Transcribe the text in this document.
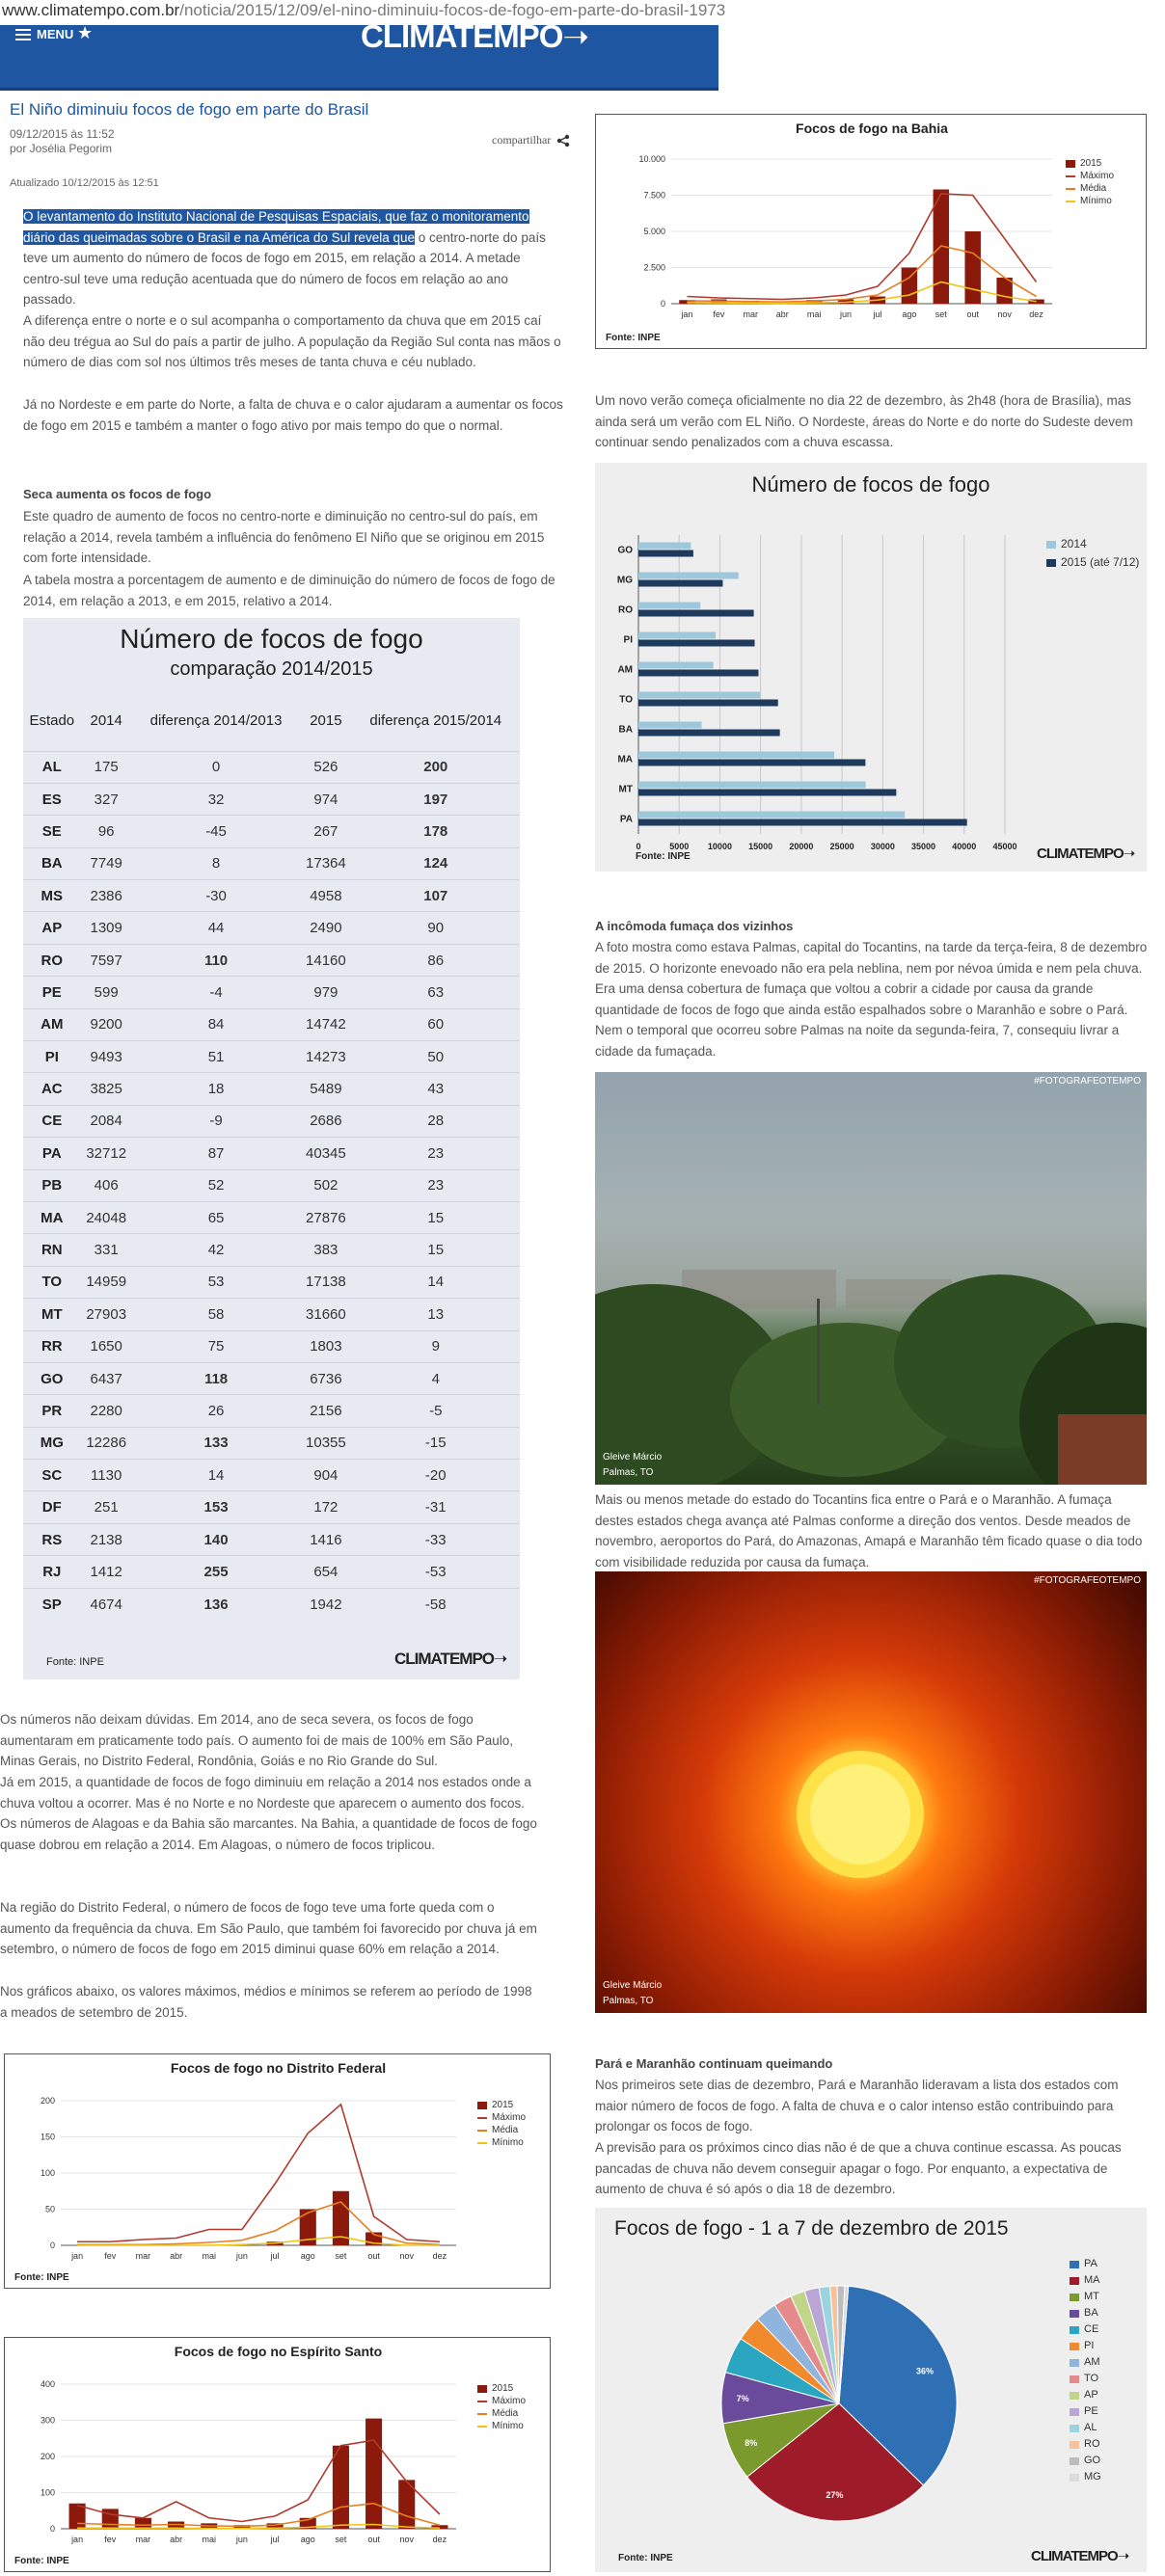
www.climatempo.com.br/noticia/2015/12/09/el-nino-diminuiu-focos-de-fogo-em-parte-do-brasil-1973
MENU ★	CLIMATEMPO➝
El Niño diminuiu focos de fogo em parte do Brasil
09/12/2015 às 11:52
por Josélia Pegorim
compartilhar
Atualizado 10/12/2015 às 12:51
O levantamento do Instituto Nacional de Pesquisas Espaciais, que faz o monitoramento diário das queimadas sobre o Brasil e na América do Sul revela que o centro-norte do país teve um aumento do número de focos de fogo em 2015, em relação a 2014. A metade centro-sul teve uma redução acentuada que do número de focos em relação ao ano passado.
A diferença entre o norte e o sul acompanha o comportamento da chuva que em 2015 caí não deu trégua ao Sul do país a partir de julho. A população da Região Sul conta nas mãos o número de dias com sol nos últimos três meses de tanta chuva e céu nublado.
Já no Nordeste e em parte do Norte, a falta de chuva e o calor ajudaram a aumentar os focos de fogo em 2015 e também a manter o fogo ativo por mais tempo do que o normal.
Seca aumenta os focos de fogo
Este quadro de aumento de focos no centro-norte e diminuição no centro-sul do país, em relação a 2014, revela também a influência do fenômeno El Niño que se originou em 2015 com forte intensidade.
A tabela mostra a porcentagem de aumento e de diminuição do número de focos de fogo de 2014, em relação a 2013, e em 2015, relativo a 2014.
Número de focos de fogo
comparação 2014/2015
Estado	2014	diferença 2014/2013	2015	diferença 2015/2014
AL	175	0	526	200
ES	327	32	974	197
SE	96	-45	267	178
BA	7749	8	17364	124
MS	2386	-30	4958	107
AP	1309	44	2490	90
RO	7597	110	14160	86
PE	599	-4	979	63
AM	9200	84	14742	60
PI	9493	51	14273	50
AC	3825	18	5489	43
CE	2084	-9	2686	28
PA	32712	87	40345	23
PB	406	52	502	23
MA	24048	65	27876	15
RN	331	42	383	15
TO	14959	53	17138	14
MT	27903	58	31660	13
RR	1650	75	1803	9
GO	6437	118	6736	4
PR	2280	26	2156	-5
MG	12286	133	10355	-15
SC	1130	14	904	-20
DF	251	153	172	-31
RS	2138	140	1416	-33
RJ	1412	255	654	-53
SP	4674	136	1942	-58
Fonte: INPE	CLIMATEMPO➝
Os números não deixam dúvidas. Em 2014, ano de seca severa, os focos de fogo aumentaram em praticamente todo país. O aumento foi de mais de 100% em São Paulo, Minas Gerais, no Distrito Federal, Rondônia, Goiás e no Rio Grande do Sul.
Já em 2015, a quantidade de focos de fogo diminuiu em relação a 2014 nos estados onde a chuva voltou a ocorrer. Mas é no Norte e no Nordeste que aparecem o aumento dos focos. Os números de Alagoas e da Bahia são marcantes. Na Bahia, a quantidade de focos de fogo quase dobrou em relação a 2014. Em Alagoas, o número de focos triplicou.
Na região do Distrito Federal, o número de focos de fogo teve uma forte queda com o aumento da frequência da chuva. Em São Paulo, que também foi favorecido por chuva já em setembro, o número de focos de fogo em 2015 diminui quase 60% em relação a 2014.
Nos gráficos abaixo, os valores máximos, médios e mínimos se referem ao período de 1998 a meados de setembro de 2015.
Focos de fogo na Bahia
0
2.500
5.000
7.500
10.000
jan fev mar abr mai jun jul ago set out nov dez
2015
Máximo
Média
Mínimo
Fonte: INPE
Um novo verão começa oficialmente no dia 22 de dezembro, às 2h48 (hora de Brasília), mas ainda será um verão com EL Niño. O Nordeste, áreas do Norte e do norte do Sudeste devem continuar sendo penalizados com a chuva escassa.
Número de focos de fogo
0	5000 10000 15000 20000 25000 30000 35000 40000 45000
GO
MG
RO
PI
AM
TO
BA
MA
MT
PA
2014
2015 (até 7/12)
Fonte: INPE	CLIMATEMPO➝
A incômoda fumaça dos vizinhos
A foto mostra como estava Palmas, capital do Tocantins, na tarde da terça-feira, 8 de dezembro de 2015. O horizonte enevoado não era pela neblina, nem por névoa úmida e nem pela chuva. Era uma densa cobertura de fumaça que voltou a cobrir a cidade por causa da grande quantidade de focos de fogo que ainda estão espalhados sobre o Maranhão e sobre o Pará. Nem o temporal que ocorreu sobre Palmas na noite da segunda-feira, 7, consequiu livrar a cidade da fumaçada.
#FOTOGRAFEOTEMPO
Gleive Márcio
Palmas, TO
Mais ou menos metade do estado do Tocantins fica entre o Pará e o Maranhão. A fumaça destes estados chega avança até Palmas conforme a direção dos ventos. Desde meados de novembro, aeroportos do Pará, do Amazonas, Amapá e Maranhão têm ficado quase o dia todo com visibilidade reduzida por causa da fumaça.
#FOTOGRAFEOTEMPO
Gleive Márcio
Palmas, TO
Pará e Maranhão continuam queimando
Nos primeiros sete dias de dezembro, Pará e Maranhão lideravam a lista dos estados com maior número de focos de fogo. A falta de chuva e o calor intenso estão contribuindo para prolongar os focos de fogo.
A previsão para os próximos cinco dias não é de que a chuva continue escassa. As poucas pancadas de chuva não devem conseguir apagar o fogo. Por enquanto, a expectativa de aumento de chuva é só após o dia 18 de dezembro.
Focos de fogo no Distrito Federal
0
50
100
150
200
jan fev mar abr mai jun	jul ago set out nov dez
2015
Máximo
Média
Mínimo
Fonte: INPE
Focos de fogo no Espírito Santo
0
100
200
300
400
jan fev mar abr mai jun	jul ago set out nov dez
2015
Máximo
Média
Mínimo
Fonte: INPE
Focos de fogo - 1 a 7 de dezembro de 2015
36%
27%
8%
7%
PA
MA
MT
BA
CE
PI
AM
TO
AP
PE
AL
RO
GO
MG
Fonte: INPE	CLIMATEMPO➝
